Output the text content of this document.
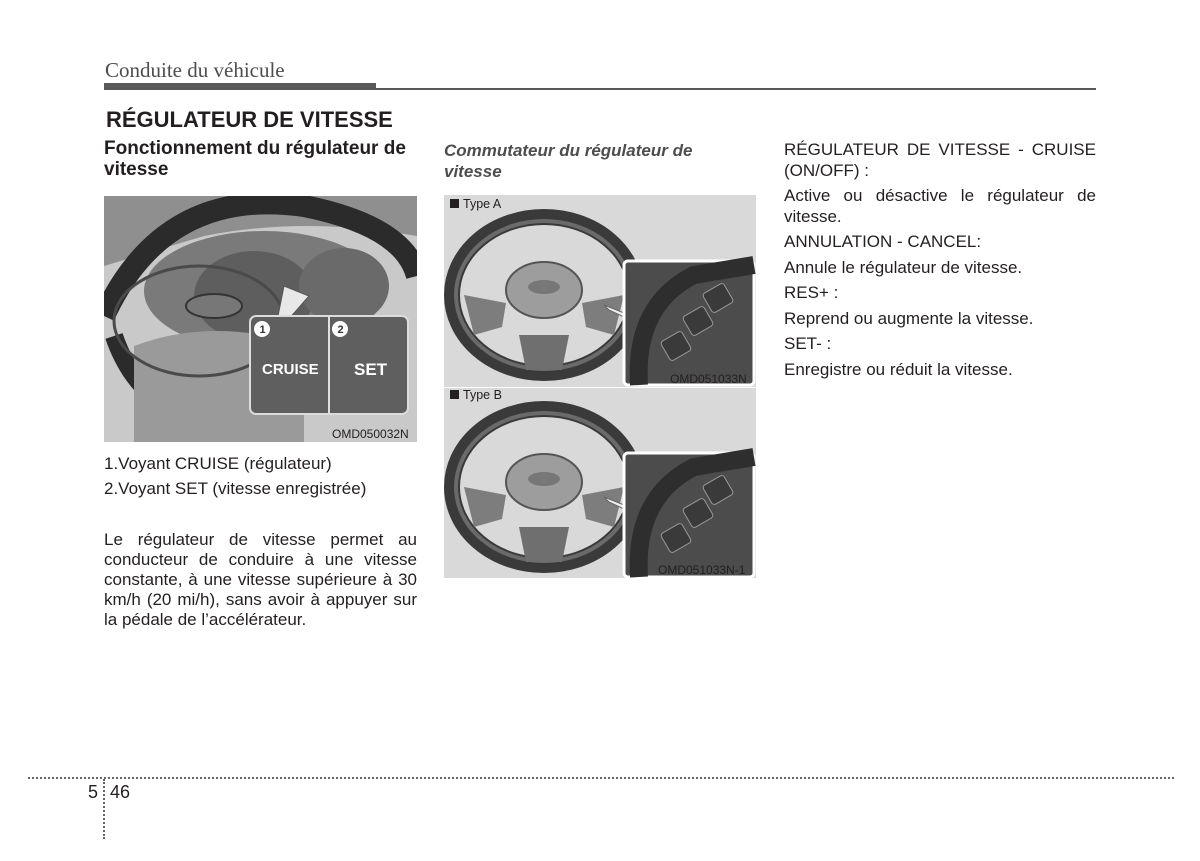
Conduite du véhicule
RÉGULATEUR DE VITESSE
Fonctionnement du régulateur de vitesse
1	2
CRUISE SET
OMD050032N
1.Voyant CRUISE (régulateur)
2.Voyant SET (vitesse enregistrée)
Le régulateur de vitesse permet au conducteur de conduire à une vitesse constante, à une vitesse supérieure à 30 km/h (20 mi/h), sans avoir à appuyer sur la pédale de l’accélérateur.
Commutateur du régulateur de vitesse
Type A
OMD051033N
Type B
OMD051033N-1

RÉGULATEUR DE VITESSE - CRUISE (ON/OFF) :

Active ou désactive le régulateur de vitesse.

ANNULATION - CANCEL:

Annule le régulateur de vitesse.

RES+ :

Reprend ou augmente la vitesse.

SET- :

Enregistre ou réduit la vitesse.

5 46
